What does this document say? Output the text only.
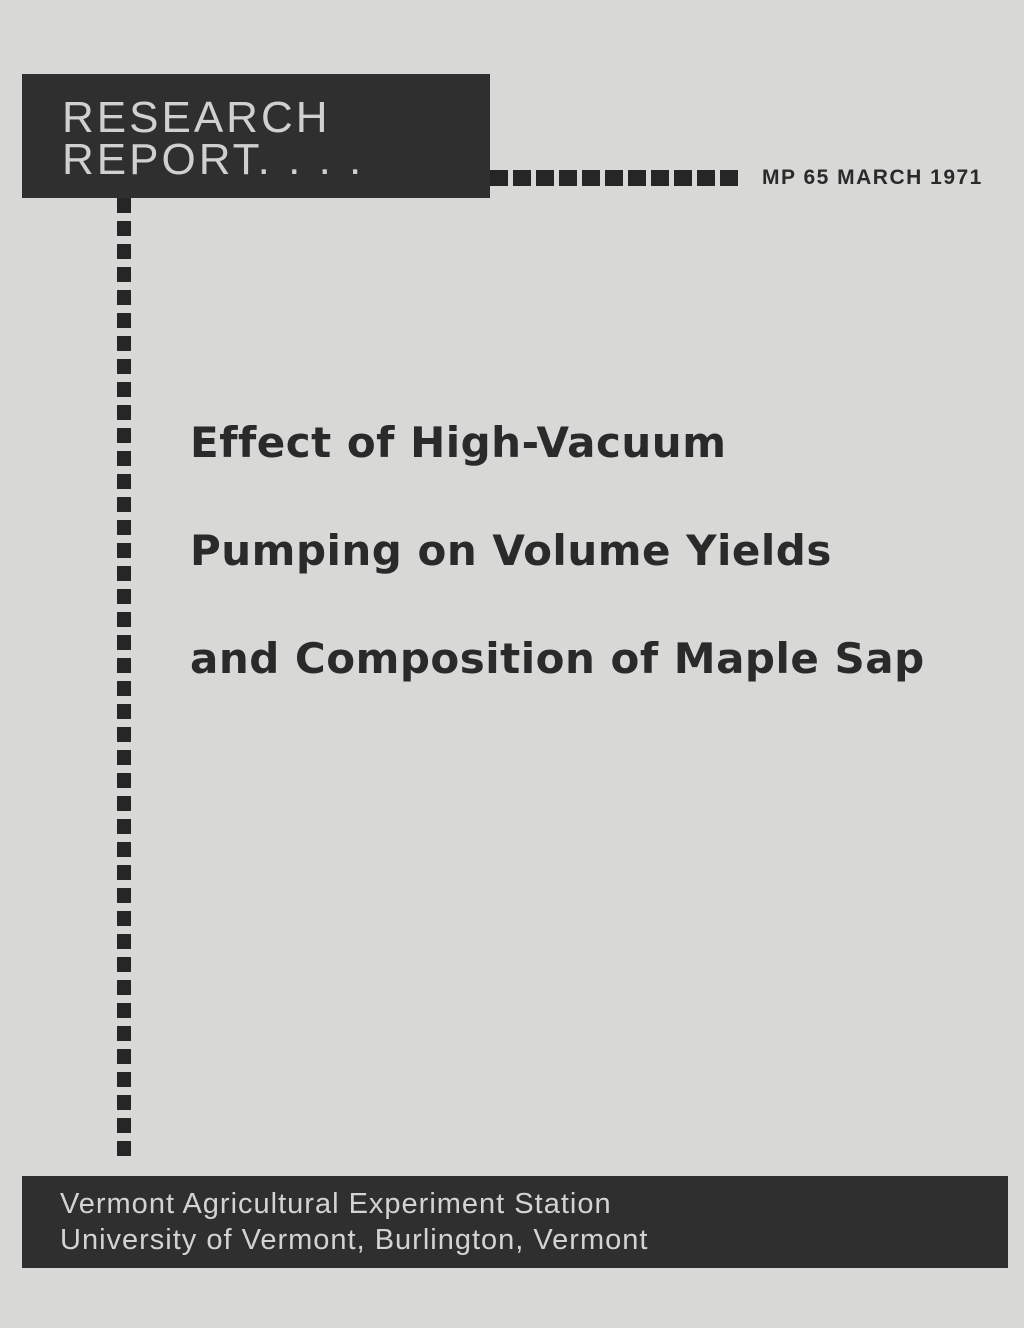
RESEARCH
REPORT. . . .	MP 65 MARCH 1971
Effect of High-Vacuum
Pumping on Volume Yields
and Composition of Maple Sap
Vermont Agricultural Experiment Station
University of Vermont, Burlington, Vermont
